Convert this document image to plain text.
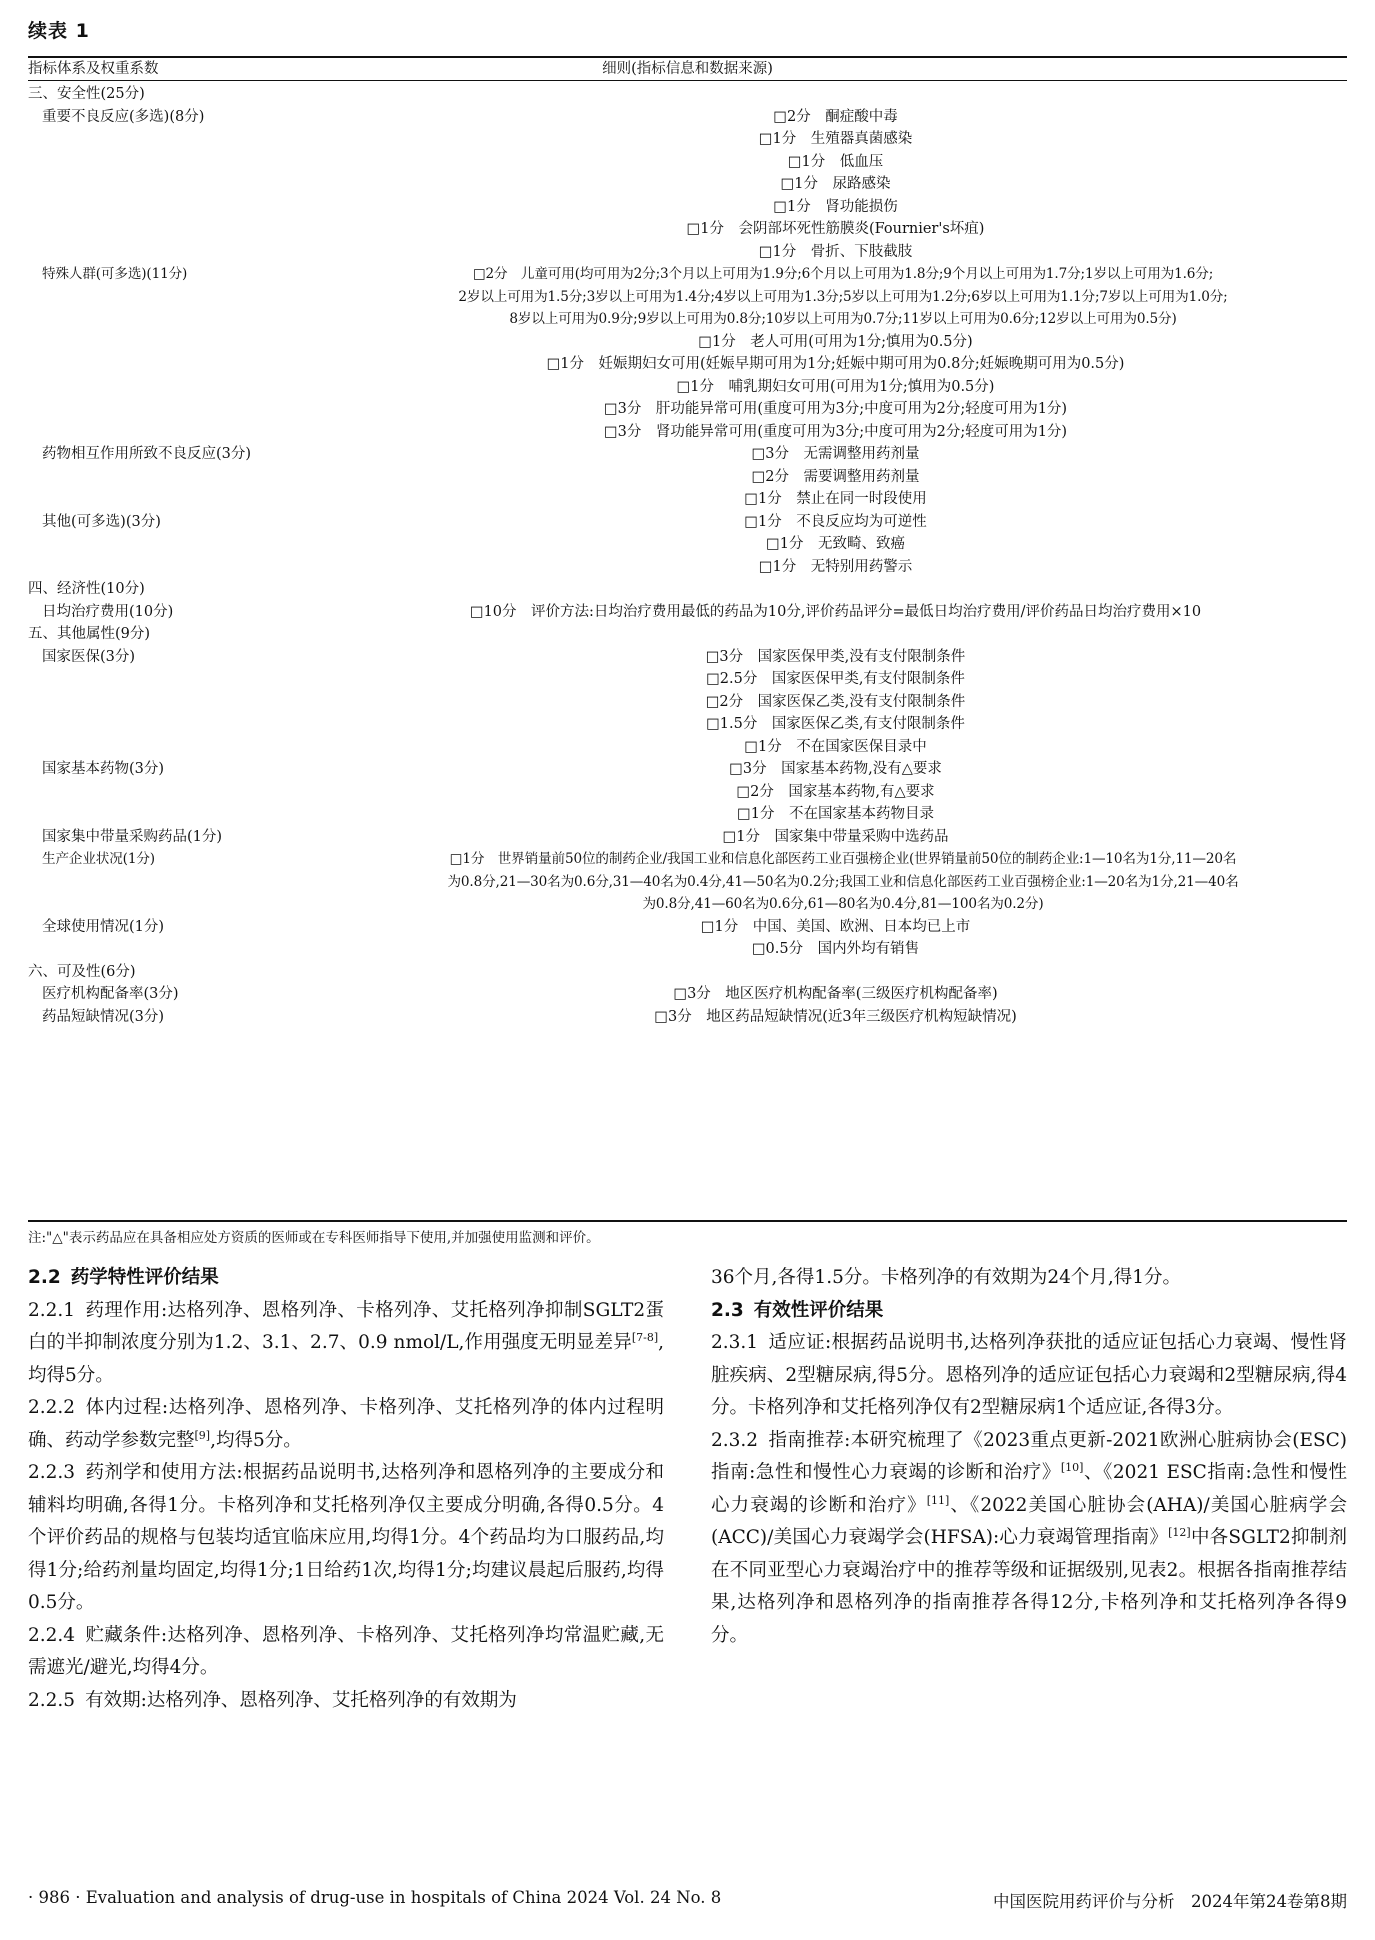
续表 1
指标体系及权重系数	细则(指标信息和数据来源)
三、安全性(25分)
重要不良反应(多选)(8分)	□2分　酮症酸中毒
□1分　生殖器真菌感染
□1分　低血压
□1分　尿路感染
□1分　肾功能损伤
□1分　会阴部坏死性筋膜炎(Fournier's坏疽)
□1分　骨折、下肢截肢
特殊人群(可多选)(11分)	□2分　儿童可用(均可用为2分;3个月以上可用为1.9分;6个月以上可用为1.8分;9个月以上可用为1.7分;1岁以上可用为1.6分;
2岁以上可用为1.5分;3岁以上可用为1.4分;4岁以上可用为1.3分;5岁以上可用为1.2分;6岁以上可用为1.1分;7岁以上可用为1.0分;
8岁以上可用为0.9分;9岁以上可用为0.8分;10岁以上可用为0.7分;11岁以上可用为0.6分;12岁以上可用为0.5分)
□1分　老人可用(可用为1分;慎用为0.5分)
□1分　妊娠期妇女可用(妊娠早期可用为1分;妊娠中期可用为0.8分;妊娠晚期可用为0.5分)
□1分　哺乳期妇女可用(可用为1分;慎用为0.5分)
□3分　肝功能异常可用(重度可用为3分;中度可用为2分;轻度可用为1分)
□3分　肾功能异常可用(重度可用为3分;中度可用为2分;轻度可用为1分)
药物相互作用所致不良反应(3分)	□3分　无需调整用药剂量
□2分　需要调整用药剂量
□1分　禁止在同一时段使用
其他(可多选)(3分)	□1分　不良反应均为可逆性
□1分　无致畸、致癌
□1分　无特别用药警示
四、经济性(10分)
日均治疗费用(10分)	□10分　评价方法:日均治疗费用最低的药品为10分,评价药品评分=最低日均治疗费用/评价药品日均治疗费用×10
五、其他属性(9分)
国家医保(3分)	□3分　国家医保甲类,没有支付限制条件
□2.5分　国家医保甲类,有支付限制条件
□2分　国家医保乙类,没有支付限制条件
□1.5分　国家医保乙类,有支付限制条件
□1分　不在国家医保目录中
国家基本药物(3分)	□3分　国家基本药物,没有△要求
□2分　国家基本药物,有△要求
□1分　不在国家基本药物目录
国家集中带量采购药品(1分)	□1分　国家集中带量采购中选药品
生产企业状况(1分)	□1分　世界销量前50位的制药企业/我国工业和信息化部医药工业百强榜企业(世界销量前50位的制药企业:1—10名为1分,11—20名
为0.8分,21—30名为0.6分,31—40名为0.4分,41—50名为0.2分;我国工业和信息化部医药工业百强榜企业:1—20名为1分,21—40名
为0.8分,41—60名为0.6分,61—80名为0.4分,81—100名为0.2分)
全球使用情况(1分)	□1分　中国、美国、欧洲、日本均已上市
□0.5分　国内外均有销售
六、可及性(6分)
医疗机构配备率(3分)	□3分　地区医疗机构配备率(三级医疗机构配备率)
药品短缺情况(3分)	□3分　地区药品短缺情况(近3年三级医疗机构短缺情况)
注:"△"表示药品应在具备相应处方资质的医师或在专科医师指导下使用,并加强使用监测和评价。

2.2 药学特性评价结果

2.2.1 药理作用:达格列净、恩格列净、卡格列净、艾托格列净抑制SGLT2蛋白的半抑制浓度分别为1.2、3.1、2.7、0.9 nmol/L,作用强度无明显差异[7-8],均得5分。

2.2.2 体内过程:达格列净、恩格列净、卡格列净、艾托格列净的体内过程明确、药动学参数完整[9],均得5分。

2.2.3 药剂学和使用方法:根据药品说明书,达格列净和恩格列净的主要成分和辅料均明确,各得1分。卡格列净和艾托格列净仅主要成分明确,各得0.5分。4个评价药品的规格与包装均适宜临床应用,均得1分。4个药品均为口服药品,均得1分;给药剂量均固定,均得1分;1日给药1次,均得1分;均建议晨起后服药,均得0.5分。

2.2.4 贮藏条件:达格列净、恩格列净、卡格列净、艾托格列净均常温贮藏,无需遮光/避光,均得4分。

2.2.5 有效期:达格列净、恩格列净、艾托格列净的有效期为

36个月,各得1.5分。卡格列净的有效期为24个月,得1分。

2.3 有效性评价结果

2.3.1 适应证:根据药品说明书,达格列净获批的适应证包括心力衰竭、慢性肾脏疾病、2型糖尿病,得5分。恩格列净的适应证包括心力衰竭和2型糖尿病,得4分。卡格列净和艾托格列净仅有2型糖尿病1个适应证,各得3分。

2.3.2 指南推荐:本研究梳理了《2023重点更新-2021欧洲心脏病协会(ESC)指南:急性和慢性心力衰竭的诊断和治疗》[10]、《2021 ESC指南:急性和慢性心力衰竭的诊断和治疗》[11]、《2022美国心脏协会(AHA)/美国心脏病学会(ACC)/美国心力衰竭学会(HFSA):心力衰竭管理指南》[12]中各SGLT2抑制剂在不同亚型心力衰竭治疗中的推荐等级和证据级别,见表2。根据各指南推荐结果,达格列净和恩格列净的指南推荐各得12分,卡格列净和艾托格列净各得9分。

· 986 · Evaluation and analysis of drug-use in hospitals of China 2024 Vol. 24 No. 8	中国医院用药评价与分析　2024年第24卷第8期
